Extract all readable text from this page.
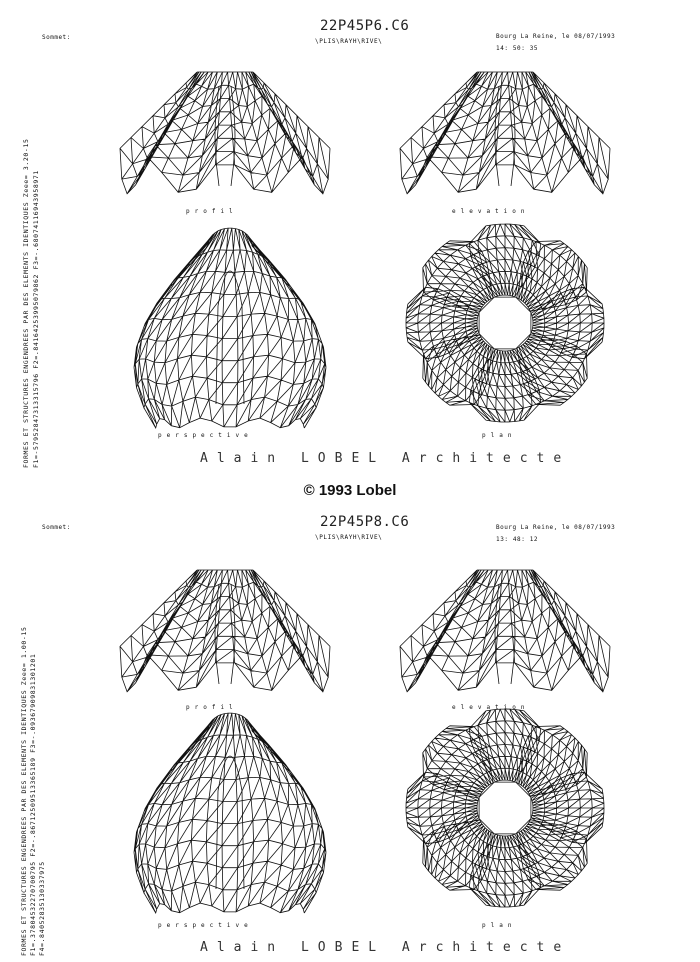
FORMES ET STRUCTURES ENGENDREES PAR DES ELEMENTS IDENTIQUES Zeee= 3.20-15 F1=-57952847313315796 F2=.84164253995079862 F3=-.68074116943958971
Sommet:
22P45P6.C6
\PLIS\RAYH\RIVE\
Bourg La Reine, le 08/07/1993
14: 50: 35
profil	elevation
perspective	plan
Alain LOBEL Architecte
© 1993 Lobel
FORMES ET STRUCTURES ENGENDREES PAR DES ELEMENTS IDENTIQUES Zeee= 1.00-15 F1=.37804532270700795 F2=-.86712509513365189 F3=-.09367909831301201 F4=.84052835130337975
Sommet:	22P45P8.C6
\PLIS\RAYH\RIVE\
Bourg La Reine, le 08/07/1993
13: 48: 12
profil	elevation
perspective	plan
Alain LOBEL Architecte
